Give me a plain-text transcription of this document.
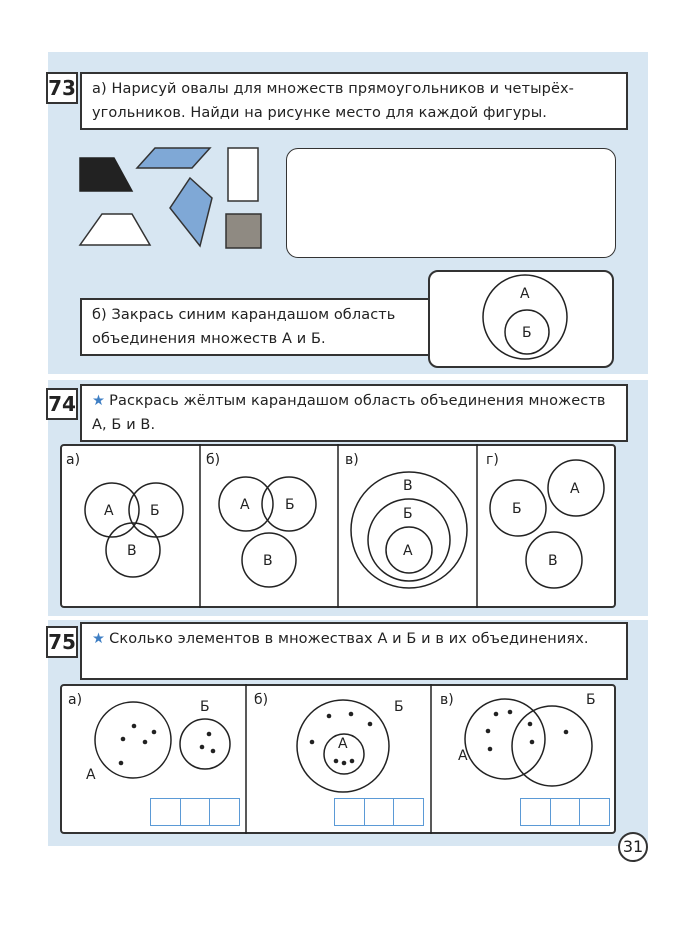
73	а) Нарисуй овалы для множеств прямоугольников и четырёх-угольников. Найди на рисунке место для каждой фигуры.
б) Закрась синим карандашом область объединения множеств А и Б.
А
Б
74	★ Раскрась жёлтым карандашом область объединения множеств А, Б и В.
а)
А	Б
В
б)
А	Б
В
в)
В
Б
А
г)
Б
А
В
75	★ Сколько элементов в множествах А и Б и в их объединениях.
а)
А
Б	б)	Б
А
в)
А
Б
31
